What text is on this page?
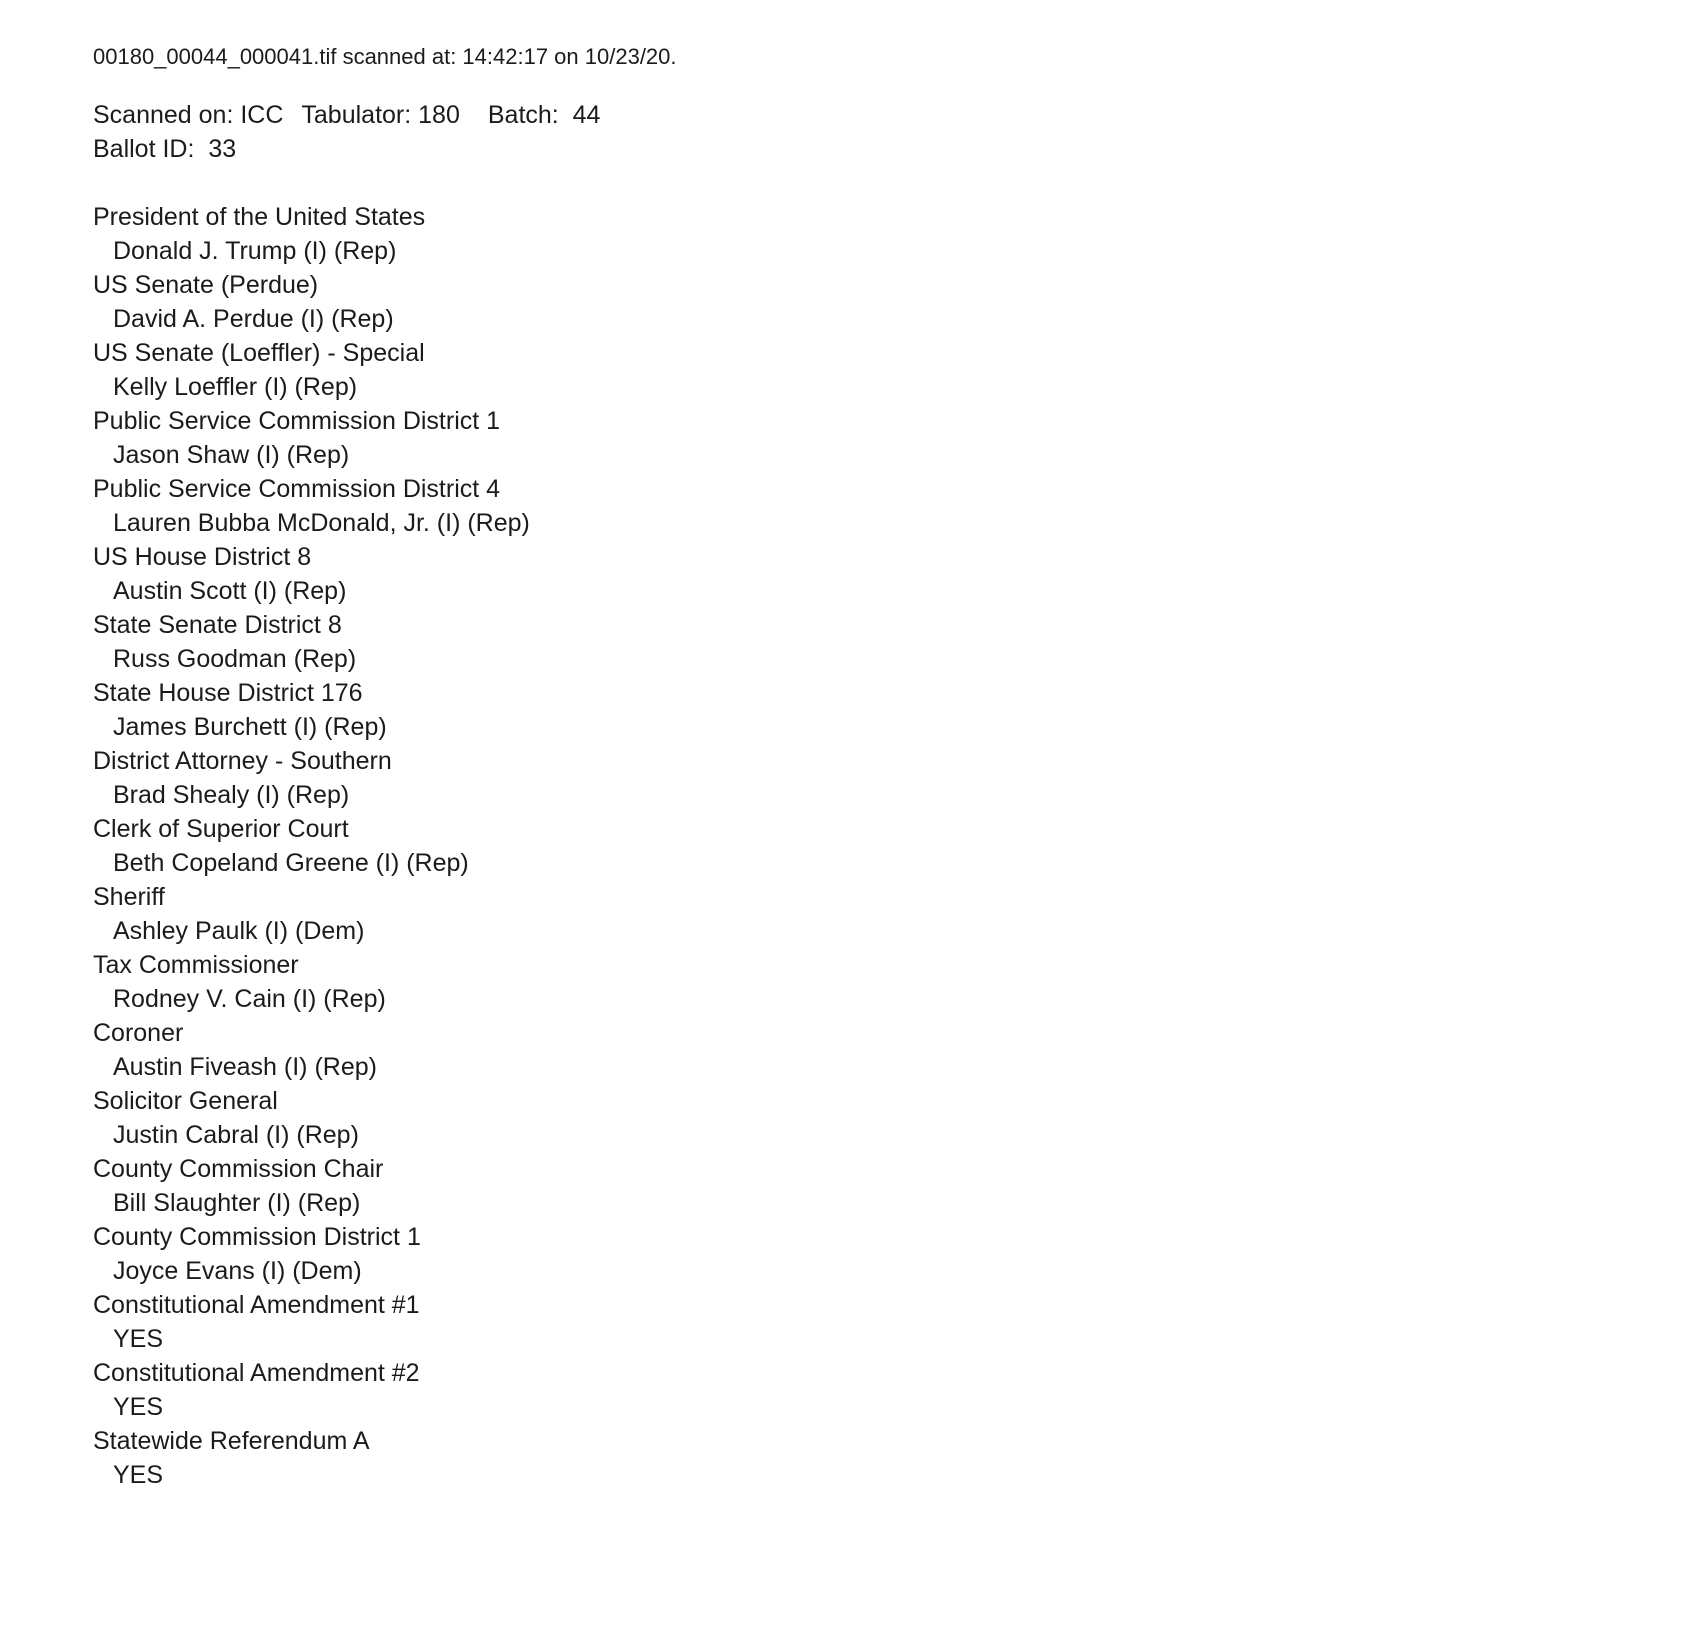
00180_00044_000041.tif scanned at: 14:42:17 on 10/23/20.
Scanned on: ICC Tabulator: 180 Batch:  44
Ballot ID:  33
President of the United States
Donald J. Trump (I) (Rep)
US Senate (Perdue)
David A. Perdue (I) (Rep)
US Senate (Loeffler) - Special
Kelly Loeffler (I) (Rep)
Public Service Commission District 1
Jason Shaw (I) (Rep)
Public Service Commission District 4
Lauren Bubba McDonald, Jr. (I) (Rep)
US House District 8
Austin Scott (I) (Rep)
State Senate District 8
Russ Goodman (Rep)
State House District 176
James Burchett (I) (Rep)
District Attorney - Southern
Brad Shealy (I) (Rep)
Clerk of Superior Court
Beth Copeland Greene (I) (Rep)
Sheriff
Ashley Paulk (I) (Dem)
Tax Commissioner
Rodney V. Cain (I) (Rep)
Coroner
Austin Fiveash (I) (Rep)
Solicitor General
Justin Cabral (I) (Rep)
County Commission Chair
Bill Slaughter (I) (Rep)
County Commission District 1
Joyce Evans (I) (Dem)
Constitutional Amendment #1
YES
Constitutional Amendment #2
YES
Statewide Referendum A
YES
